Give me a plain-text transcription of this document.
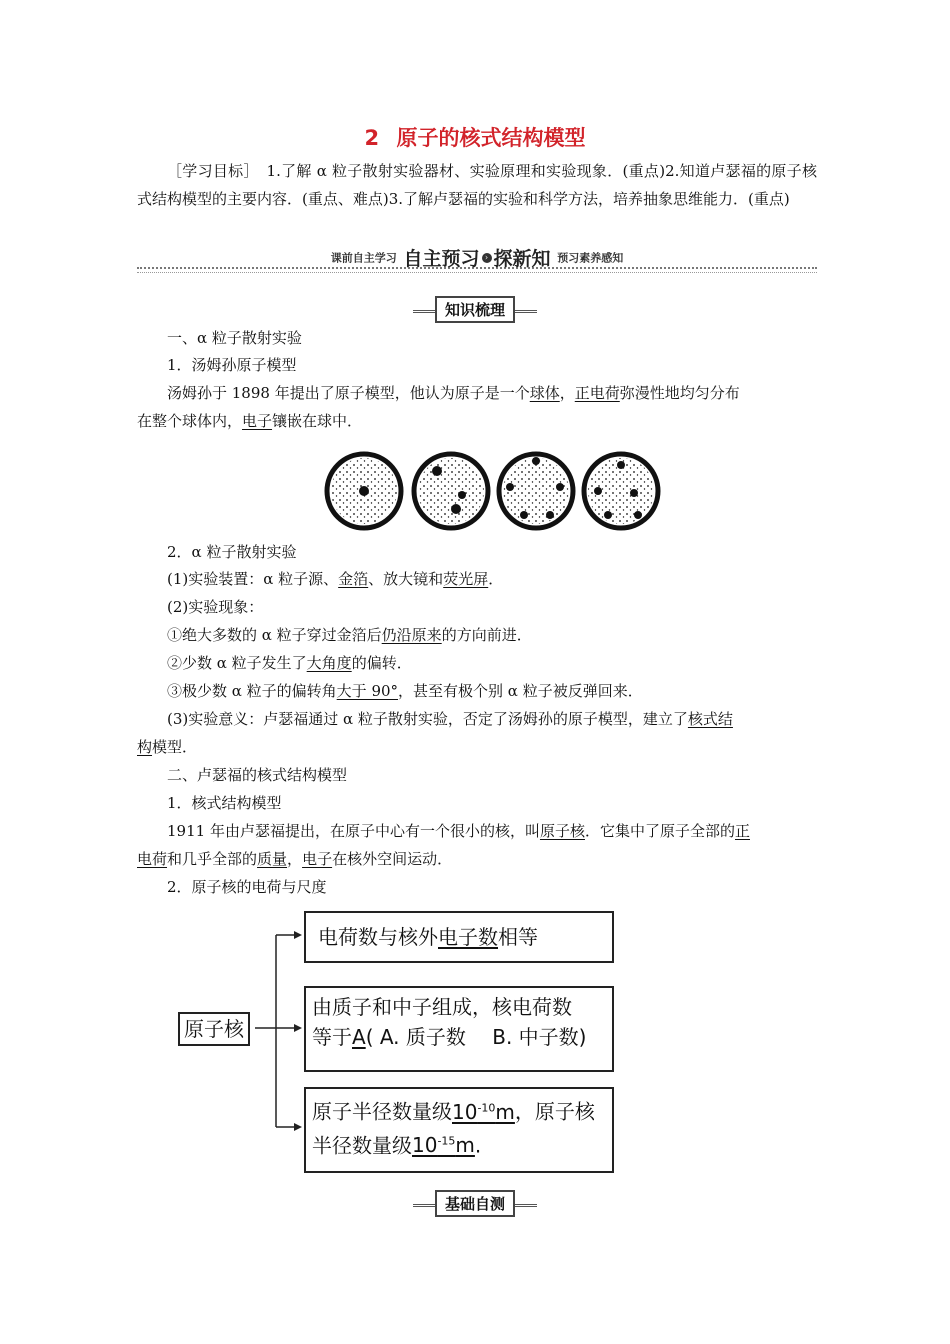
2 原子的核式结构模型
［学习目标］　1.了解 α 粒子散射实验器材、实验原理和实验现象．(重点)2.知道卢瑟福的原子核式结构模型的主要内容．(重点、难点)3.了解卢瑟福的实验和科学方法，培养抽象思维能力．(重点)
课前自主学习 自主预习 › 探新知 预习素养感知
知识梳理
一、α 粒子散射实验
1．汤姆孙原子模型
汤姆孙于 1898 年提出了原子模型，他认为原子是一个球体，正电荷弥漫性地均匀分布
在整个球体内，电子镶嵌在球中．
2．α 粒子散射实验
(1)实验装置：α 粒子源、金箔、放大镜和荧光屏．
(2)实验现象：
①绝大多数的 α 粒子穿过金箔后仍沿原来的方向前进．
②少数 α 粒子发生了大角度的偏转．
③极少数 α 粒子的偏转角大于 90°，甚至有极个别 α 粒子被反弹回来．
(3)实验意义：卢瑟福通过 α 粒子散射实验，否定了汤姆孙的原子模型，建立了核式结
构模型．
二、卢瑟福的核式结构模型
1．核式结构模型
1911 年由卢瑟福提出，在原子中心有一个很小的核，叫原子核．它集中了原子全部的正
电荷和几乎全部的质量，电子在核外空间运动．
2．原子核的电荷与尺度
原子核
电荷数与核外电子数相等
由质子和中子组成，核电荷数
等于A( A. 质子数　 B. 中子数)
原子半径数量级$10^{-10}m$，原子核
半径数量级$10^{-15}m$.
基础自测
